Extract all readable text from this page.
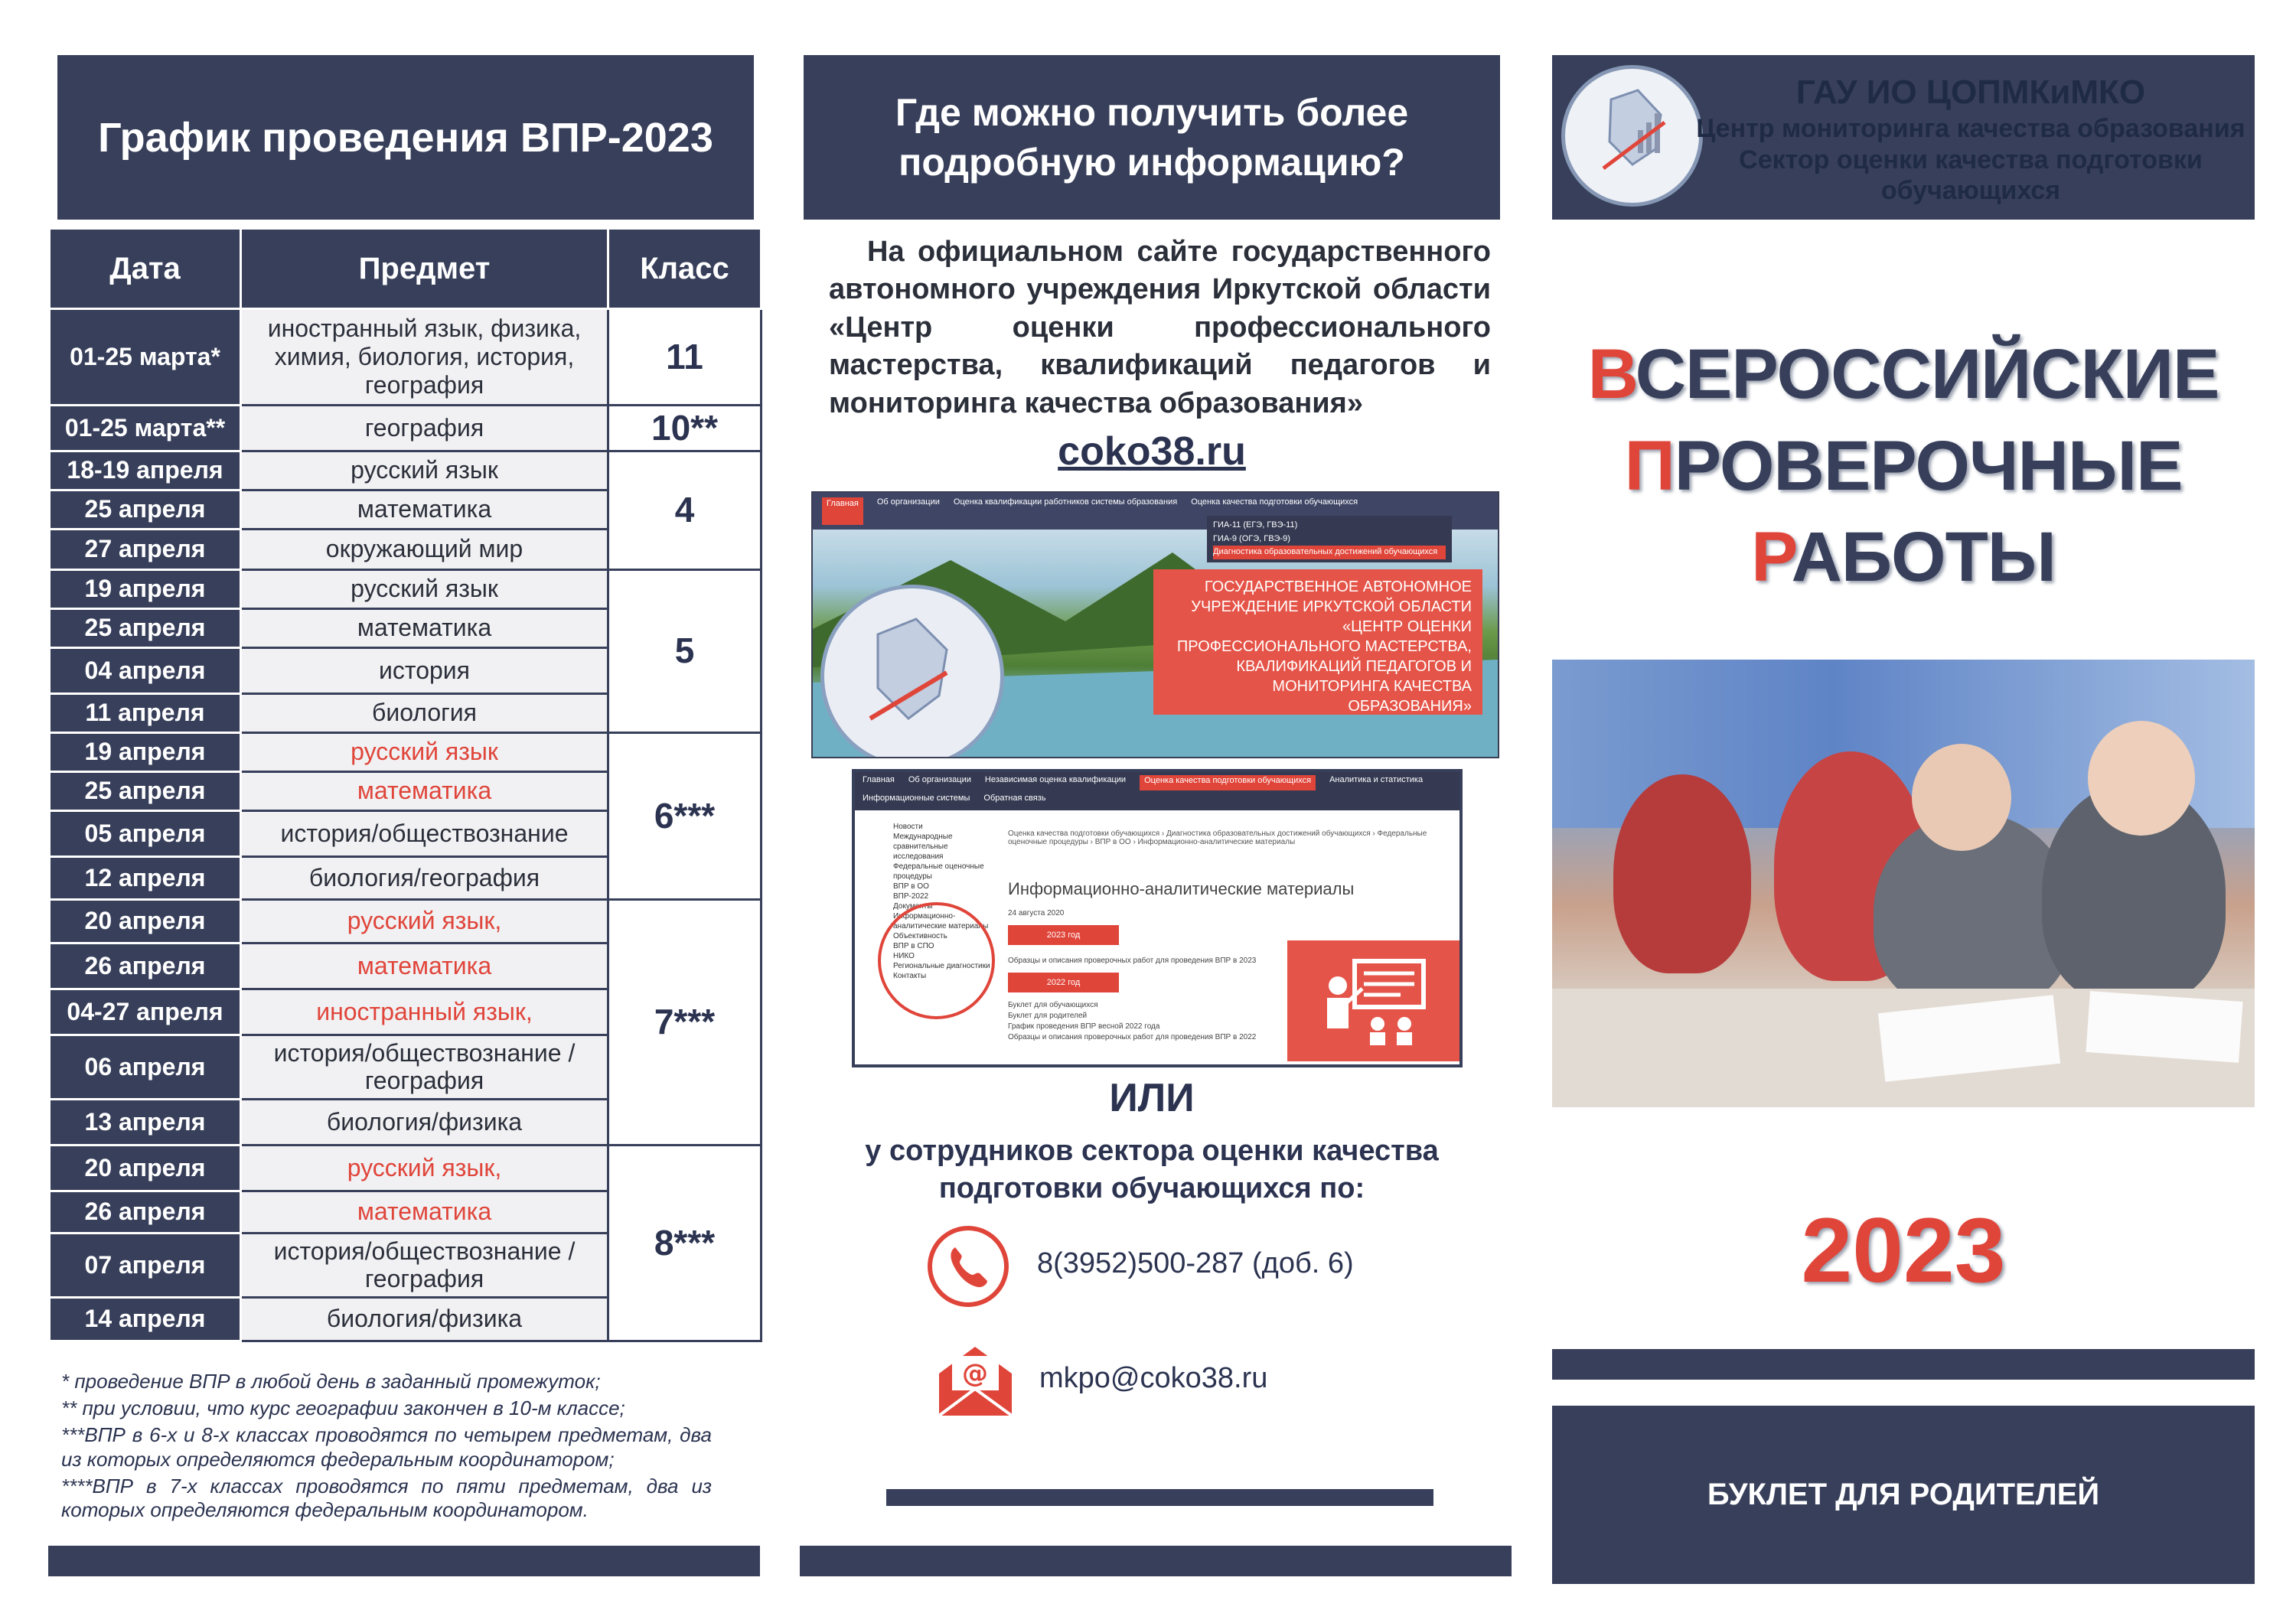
График проведения ВПР-2023
Дата	Предмет	Класс
01-25 марта*	иностранный язык, физика, химия, биология, история, география	11
01-25 марта**	география	10**
18-19 апреля	русский язык	4
25 апреля	математика	
27 апреля	окружающий мир	
19 апреля	русский язык	5
25 апреля	математика	
04 апреля	история	
11 апреля	биология	
19 апреля	русский язык	6***
25 апреля	математика	
05 апреля	история/обществознание	
12 апреля	биология/география	
20 апреля	русский язык,	7***
26 апреля	математика	
04-27 апреля	иностранный язык,	
06 апреля	история/обществознание / география	
13 апреля	биология/физика	
20 апреля	русский язык,	8***
26 апреля	математика	
07 апреля	история/обществознание / география	
14 апреля	биология/физика	

* проведение ВПР в любой день в заданный промежуток;

** при условии, что курс географии закончен в 10-м классе;

***ВПР в 6-х и 8-х классах проводятся по четырем предметам, два из которых определяются федеральным координатором;

****ВПР в 7-х классах проводятся по пяти предметам, два из которых определяются федеральным координатором.

Где можно получить более подробную информацию?
На официальном сайте государственного автономного учреждения Иркутской области «Центр оценки профессионального мастерства, квалификаций педагогов и мониторинга качества образования»
coko38.ru
Главная	Об организации Оценка квалификации работников системы образования Оценка качества подготовки обучающихся
ГИА-11 (ЕГЭ, ГВЭ-11)
ГИА-9 (ОГЭ, ГВЭ-9)
Диагностика образовательных достижений обучающихся
ГОСУДАРСТВЕННОЕ АВТОНОМНОЕ УЧРЕЖДЕНИЕ ИРКУТСКОЙ ОБЛАСТИ «ЦЕНТР ОЦЕНКИ ПРОФЕССИОНАЛЬНОГО МАСТЕРСТВА, КВАЛИФИКАЦИЙ ПЕДАГОГОВ И МОНИТОРИНГА КАЧЕСТВА ОБРАЗОВАНИЯ»
Главная Об организации Независимая оценка квалификации	Оценка качества подготовки обучающихся	Аналитика и статистика
Информационные системы Обратная связь
Новости
Международные сравнительные исследования
Федеральные оценочные процедуры
ВПР в ОО
ВПР-2022
Документы
Информационно-аналитические материалы
Объективность
ВПР в СПО
НИКО
Региональные диагностики
Контакты
Оценка качества подготовки обучающихся › Диагностика образовательных достижений обучающихся › Федеральные оценочные процедуры › ВПР в ОО › Информационно-аналитические материалы
Информационно-аналитические материалы
24 августа 2020
2023 год
Образцы и описания проверочных работ для проведения ВПР в 2023
2022 год
Буклет для обучающихся
Буклет для родителей
График проведения ВПР весной 2022 года
Образцы и описания проверочных работ для проведения ВПР в 2022
ИЛИ
у сотрудников сектора оценки качества подготовки обучающихся по:
8(3952)500-287 (доб. 6)
@ mkpo@coko38.ru
ГАУ ИО ЦОПМКиМКО
Центр мониторинга качества образования
Сектор оценки качества подготовки
обучающихся
ВСЕРОССИЙСКИЕ
ПРОВЕРОЧНЫЕ
РАБОТЫ
2023
БУКЛЕТ ДЛЯ РОДИТЕЛЕЙ
